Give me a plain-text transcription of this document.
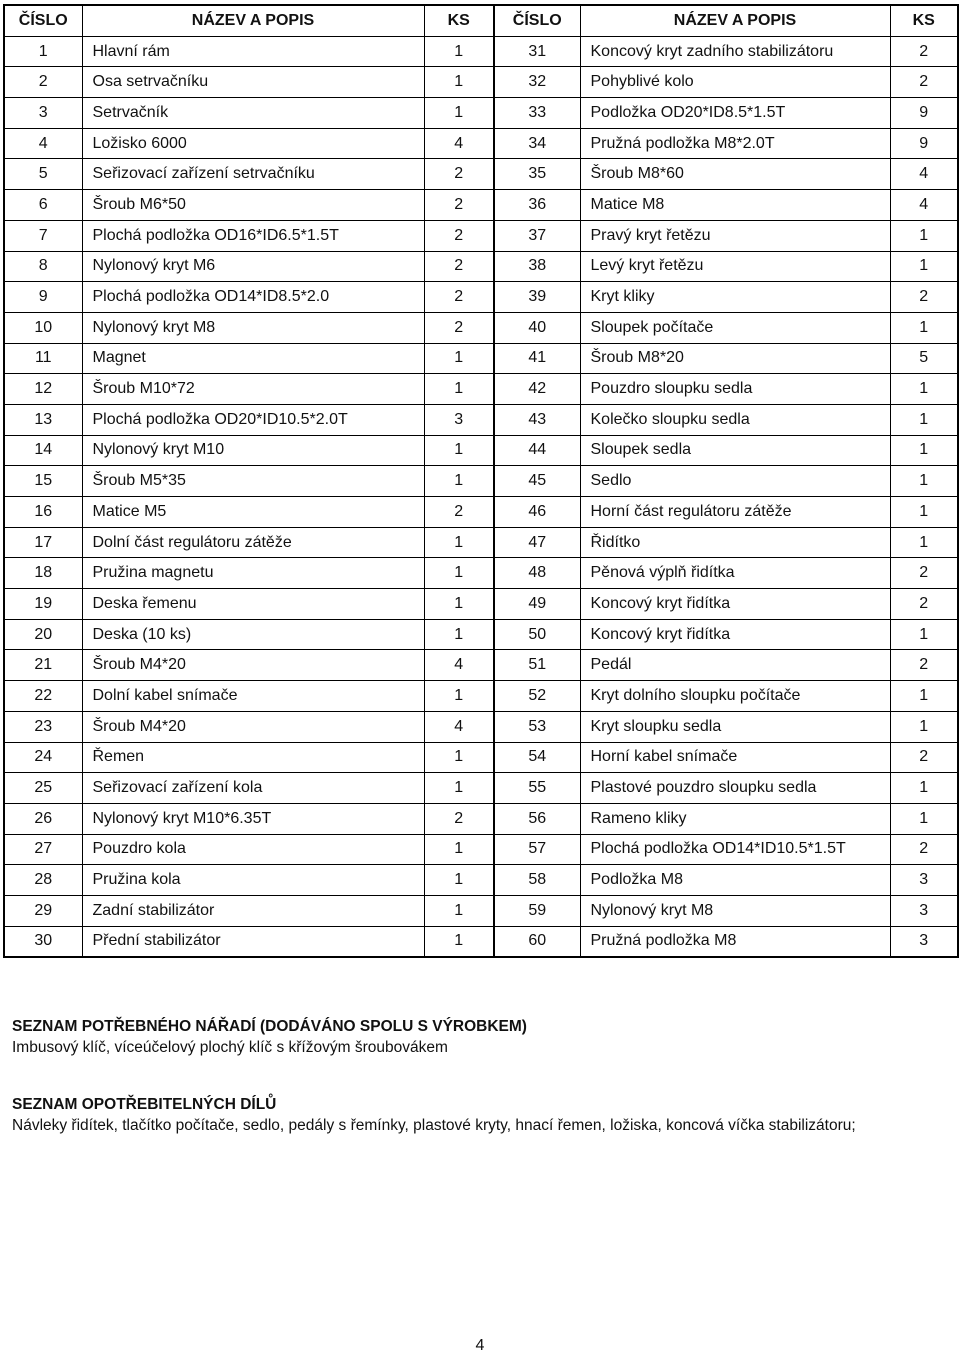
ČÍSLO	NÁZEV A POPIS	KS	ČÍSLO	NÁZEV A POPIS	KS
1	Hlavní rám	1	31	Koncový kryt zadního stabilizátoru	2
2	Osa setrvačníku	1	32	Pohyblivé kolo	2
3	Setrvačník	1	33	Podložka OD20*ID8.5*1.5T	9
4	Ložisko 6000	4	34	Pružná podložka M8*2.0T	9
5	Seřizovací zařízení setrvačníku	2	35	Šroub M8*60	4
6	Šroub M6*50	2	36	Matice M8	4
7	Plochá podložka OD16*ID6.5*1.5T	2	37	Pravý kryt řetězu	1
8	Nylonový kryt M6	2	38	Levý kryt řetězu	1
9	Plochá podložka OD14*ID8.5*2.0	2	39	Kryt kliky	2
10	Nylonový kryt M8	2	40	Sloupek počítače	1
11	Magnet	1	41	Šroub M8*20	5
12	Šroub M10*72	1	42	Pouzdro sloupku sedla	1
13	Plochá podložka OD20*ID10.5*2.0T	3	43	Kolečko sloupku sedla	1
14	Nylonový kryt M10	1	44	Sloupek sedla	1
15	Šroub M5*35	1	45	Sedlo	1
16	Matice M5	2	46	Horní část regulátoru zátěže	1
17	Dolní část regulátoru zátěže	1	47	Řidítko	1
18	Pružina magnetu	1	48	Pěnová výplň řidítka	2
19	Deska řemenu	1	49	Koncový kryt řidítka	2
20	Deska (10 ks)	1	50	Koncový kryt řidítka	1
21	Šroub M4*20	4	51	Pedál	2
22	Dolní kabel snímače	1	52	Kryt dolního sloupku počítače	1
23	Šroub M4*20	4	53	Kryt sloupku sedla	1
24	Řemen	1	54	Horní kabel snímače	2
25	Seřizovací zařízení kola	1	55	Plastové pouzdro sloupku sedla	1
26	Nylonový kryt M10*6.35T	2	56	Rameno kliky	1
27	Pouzdro kola	1	57	Plochá podložka OD14*ID10.5*1.5T	2
28	Pružina kola	1	58	Podložka M8	3
29	Zadní stabilizátor	1	59	Nylonový kryt M8	3
30	Přední stabilizátor	1	60	Pružná podložka M8	3
SEZNAM POTŘEBNÉHO NÁŘADÍ (DODÁVÁNO SPOLU S VÝROBKEM)
Imbusový klíč, víceúčelový plochý klíč s křížovým šroubovákem
SEZNAM OPOTŘEBITELNÝCH DÍLŮ
Návleky řidítek, tlačítko počítače, sedlo, pedály s řemínky, plastové kryty, hnací řemen, ložiska, koncová víčka stabilizátoru;
4
